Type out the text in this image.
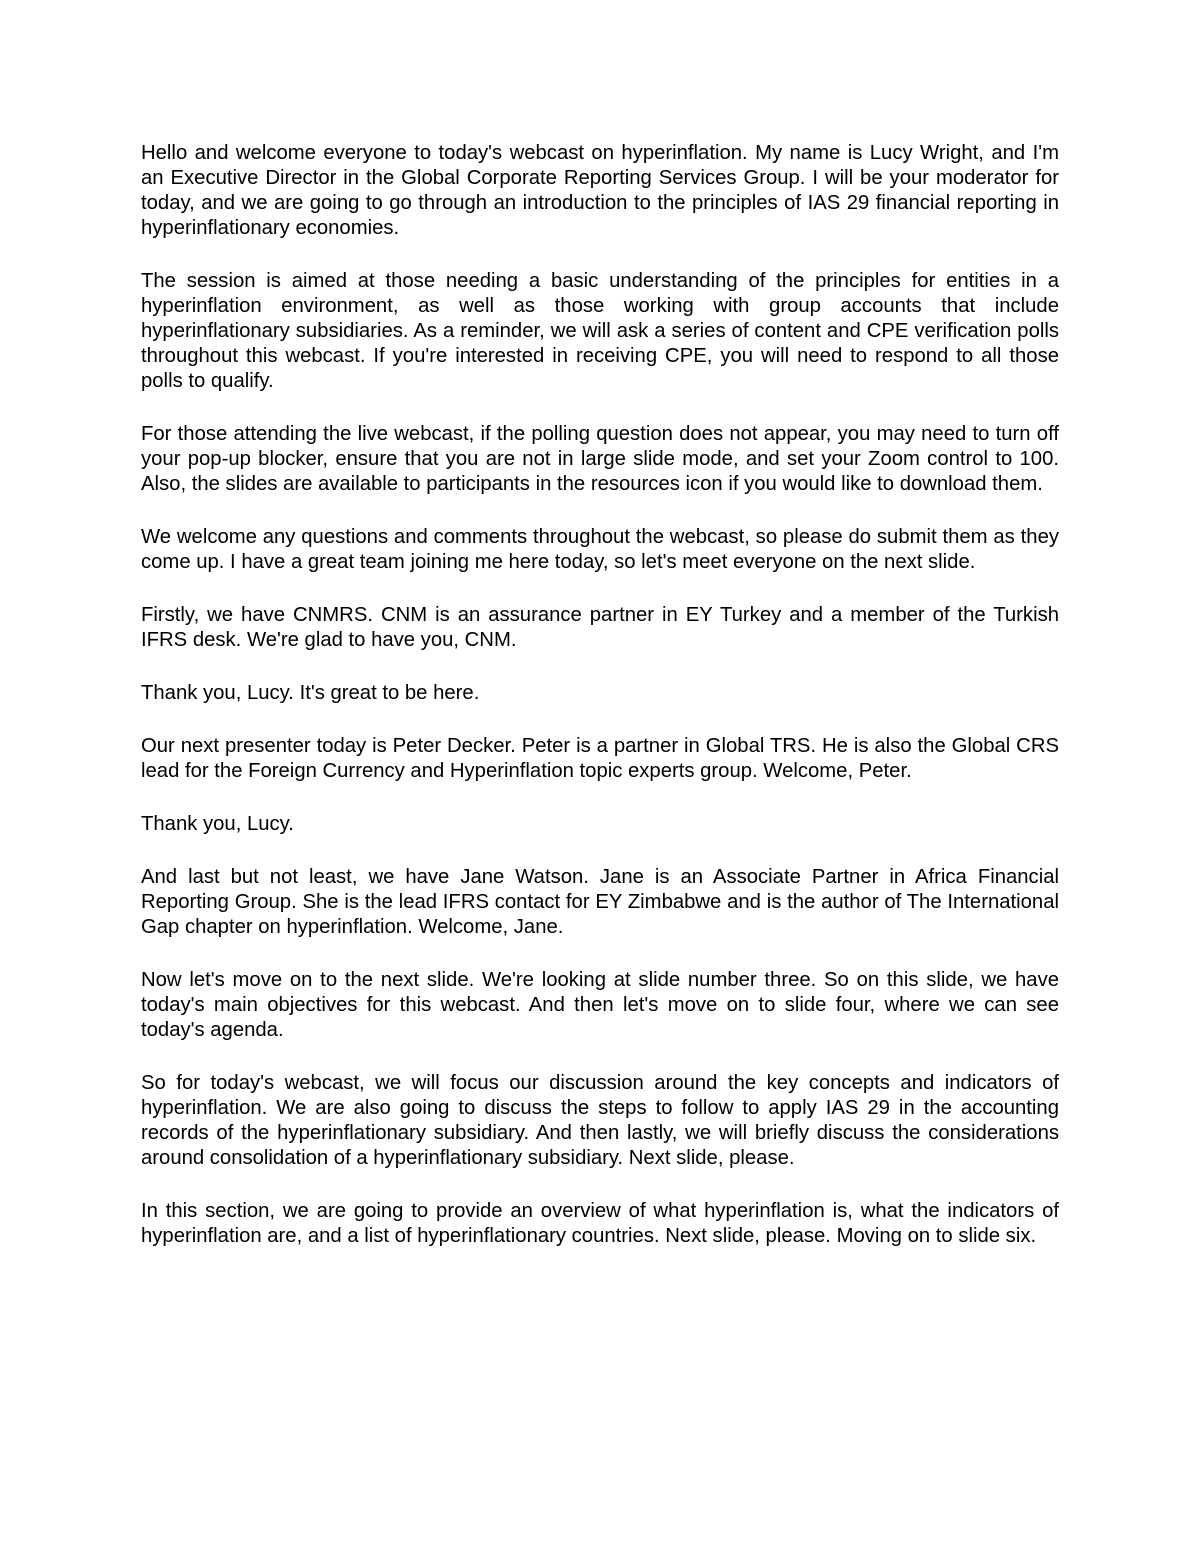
Hello and welcome everyone to today's webcast on hyperinflation. My name is Lucy Wright, and I'm an Executive Director in the Global Corporate Reporting Services Group. I will be your moderator for today, and we are going to go through an introduction to the principles of IAS 29 financial reporting in hyperinflationary economies.

The session is aimed at those needing a basic understanding of the principles for entities in a hyperinflation environment, as well as those working with group accounts that include hyperinflationary subsidiaries. As a reminder, we will ask a series of content and CPE verification polls throughout this webcast. If you're interested in receiving CPE, you will need to respond to all those polls to qualify.

For those attending the live webcast, if the polling question does not appear, you may need to turn off your pop-up blocker, ensure that you are not in large slide mode, and set your Zoom control to 100. Also, the slides are available to participants in the resources icon if you would like to download them.

We welcome any questions and comments throughout the webcast, so please do submit them as they come up. I have a great team joining me here today, so let's meet everyone on the next slide.

Firstly, we have CNMRS. CNM is an assurance partner in EY Turkey and a member of the Turkish IFRS desk. We're glad to have you, CNM.

Thank you, Lucy. It's great to be here.

Our next presenter today is Peter Decker. Peter is a partner in Global TRS. He is also the Global CRS lead for the Foreign Currency and Hyperinflation topic experts group. Welcome, Peter.

Thank you, Lucy.

And last but not least, we have Jane Watson. Jane is an Associate Partner in Africa Financial Reporting Group. She is the lead IFRS contact for EY Zimbabwe and is the author of The International Gap chapter on hyperinflation. Welcome, Jane.

Now let's move on to the next slide. We're looking at slide number three. So on this slide, we have today's main objectives for this webcast. And then let's move on to slide four, where we can see today's agenda.

So for today's webcast, we will focus our discussion around the key concepts and indicators of hyperinflation. We are also going to discuss the steps to follow to apply IAS 29 in the accounting records of the hyperinflationary subsidiary. And then lastly, we will briefly discuss the considerations around consolidation of a hyperinflationary subsidiary. Next slide, please.

In this section, we are going to provide an overview of what hyperinflation is, what the indicators of hyperinflation are, and a list of hyperinflationary countries. Next slide, please. Moving on to slide six.
